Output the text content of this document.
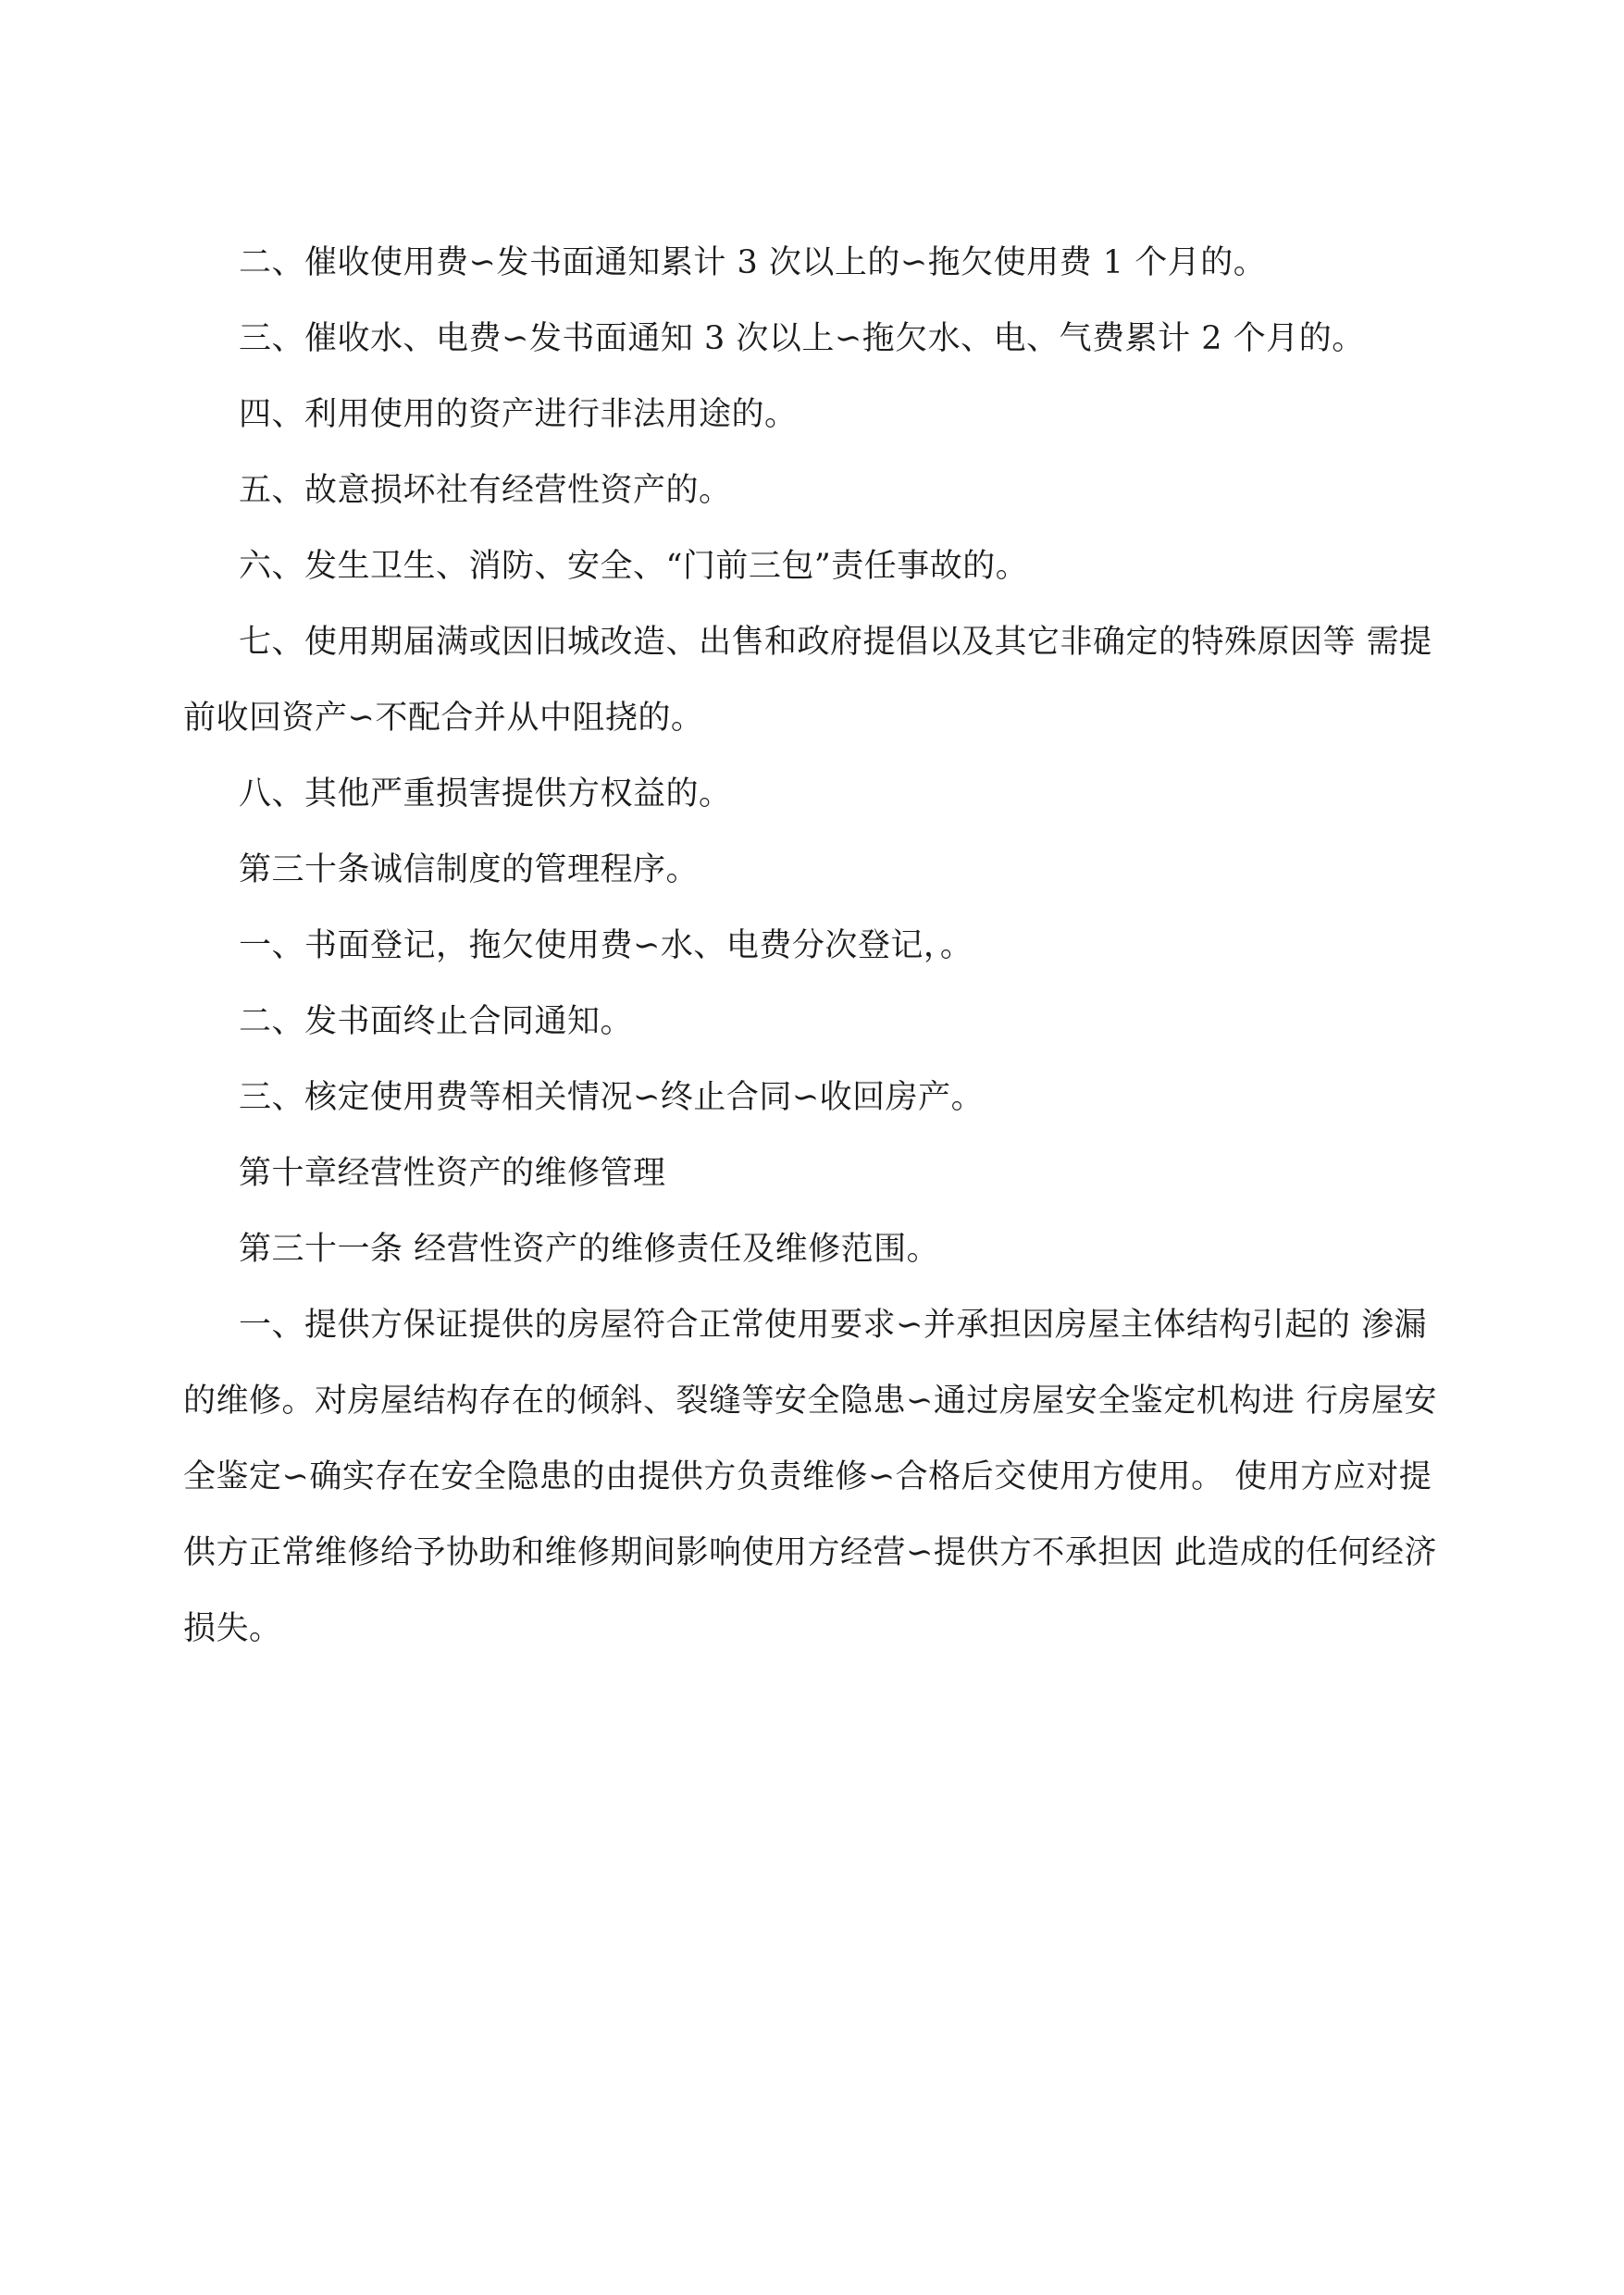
二、催收使用费∽发书面通知累计 3 次以上的∽拖欠使用费 1 个月的。
三、催收水、电费∽发书面通知 3 次以上∽拖欠水、电、气费累计 2 个月的。
四、利用使用的资产进行非法用途的。
五、故意损坏社有经营性资产的。
六、发生卫生、消防、安全、“门前三包”责任事故的。
七、使用期届满或因旧城改造、出售和政府提倡以及其它非确定的特殊原因等 需提
前收回资产∽不配合并从中阻挠的。
八、其他严重损害提供方权益的。
第三十条诚信制度的管理程序。
一、书面登记，拖欠使用费∽水、电费分次登记，。
二、发书面终止合同通知。
三、核定使用费等相关情况∽终止合同∽收回房产。
第十章经营性资产的维修管理
第三十一条 经营性资产的维修责任及维修范围。
一、提供方保证提供的房屋符合正常使用要求∽并承担因房屋主体结构引起的 渗漏
的维修。对房屋结构存在的倾斜、裂缝等安全隐患∽通过房屋安全鉴定机构进 行房屋安
全鉴定∽确实存在安全隐患的由提供方负责维修∽合格后交使用方使用。 使用方应对提
供方正常维修给予协助和维修期间影响使用方经营∽提供方不承担因 此造成的任何经济
损失。
